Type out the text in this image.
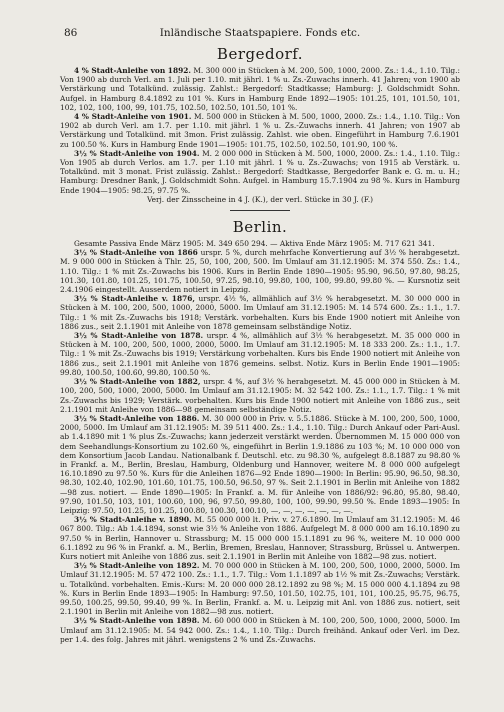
86	Inländische Staatspapiere. Fonds etc.
Bergedorf.

4 % Stadt-Anleihe von 1892. M. 300 000 in Stücken à M. 200, 500, 1000, 2000. Zs.: 1.4., 1.10. Tilg.: Von 1900 ab durch Verl. am 1. Juli per 1.10. mit jährl. 1 % u. Zs.-Zuwachs innerh. 41 Jahren; von 1900 ab Verstärkung und Totalkünd. zulässig. Zahlst.: Bergedorf: Stadtkasse; Hamburg: J. Goldschmidt Sohn. Aufgel. in Hamburg 8.4.1892 zu 101 %. Kurs in Hamburg Ende 1892—1905: 101.25, 101, 101.50, 101, 102, 102, 100, 100, 99, 101.75, 102.50, 102.50, 101.50, 101 %.

4 % Stadt-Anleihe von 1901. M. 500 000 in Stücken à M. 500, 1000, 2000. Zs.: 1.4., 1.10. Tilg.: Von 1902 ab durch Verl. am 1.7. per 1.10. mit jährl. 1 % u. Zs.-Zuwachs innerh. 41 Jahren; von 1907 ab Verstärkung und Totalkünd. mit 3mon. Frist zulässig. Zahlst. wie oben. Eingeführt in Hamburg 7.6.1901 zu 100.50 %. Kurs in Hamburg Ende 1901—1905: 101.75, 102.50, 102.50, 101.90, 100 %.

3½ % Stadt-Anleihe von 1904. M. 2 000 000 in Stücken à M. 500, 1000, 2000. Zs.: 1.4., 1.10. Tilg.: Von 1905 ab durch Verlos. am 1.7. per 1.10 mit jährl. 1 % u. Zs.-Zuwachs; von 1915 ab Verstärk. u. Totalkünd. mit 3 monat. Frist zulässig. Zahlst.: Bergedorf: Stadtkasse, Bergedorfer Bank e. G. m. u. H.; Hamburg: Dresdner Bank, J. Goldschmidt Sohn. Aufgel. in Hamburg 15.7.1904 zu 98 %. Kurs in Hamburg Ende 1904—1905: 98.25, 97.75 %.

Verj. der Zinsscheine in 4 J. (K.), der verl. Stücke in 30 J. (F.)

Berlin.

Gesamte Passiva Ende März 1905: M. 349 650 294. — Aktiva Ende März 1905: M. 717 621 341.

3½ % Stadt-Anleihe von 1866 urspr. 5 %, durch mehrfache Konvertierung auf 3½ % herabgesetzt. M. 9 000 000 in Stücken à Thlr. 25, 50, 100, 200, 500. Im Umlauf am 31.12.1905: M. 374 550. Zs.: 1.4., 1.10. Tilg.: 1 % mit Zs.-Zuwachs bis 1906. Kurs in Berlin Ende 1890—1905: 95.90, 96.50, 97.80, 98.25, 101.30, 101.80, 101.25, 101.75, 100.50, 97.25, 98.10, 99.80, 100, 100, 99.80, 99.80 %. — Kursnotiz seit 2.4.1906 eingestellt. Ausserdem notiert in Leipzig.

3½ % Stadt-Anleihe v. 1876, urspr. 4½ %, allmählich auf 3½ % herabgesetzt. M. 30 000 000 in Stücken à M. 100, 200, 500, 1000, 2000, 5000. Im Umlauf am 31.12.1905: M. 14 574 600. Zs.: 1.1., 1.7. Tilg.: 1 % mit Zs.-Zuwachs bis 1918; Verstärk. vorbehalten. Kurs bis Ende 1900 notiert mit Anleihe von 1886 zus., seit 2.1.1901 mit Anleihe von 1878 gemeinsam selbständige Notiz.

3½ % Stadt-Anleihe von 1878. urspr. 4 %, allmählich auf 3½ % herabgesetzt. M. 35 000 000 in Stücken à M. 100, 200, 500, 1000, 2000, 5000. Im Umlauf am 31.12.1905: M. 18 333 200. Zs.: 1.1., 1.7. Tilg.: 1 % mit Zs.-Zuwachs bis 1919; Verstärkung vorbehalten. Kurs bis Ende 1900 notiert mit Anleihe von 1886 zus., seit 2.1.1901 mit Anleihe von 1876 gemeins. selbst. Notiz. Kurs in Berlin Ende 1901—1905: 99.80, 100.50, 100.60, 99.80, 100.50 %.

3½ % Stadt-Anleihe von 1882, urspr. 4 %, auf 3½ % herabgesetzt. M. 45 000 000 in Stücken à M. 100, 200, 500, 1000, 2000, 5000. Im Umlauf am 31.12.1905: M. 32 542 100. Zs.: 1.1., 1.7. Tilg.: 1 % mit Zs.-Zuwachs bis 1929; Verstärk. vorbehalten. Kurs bis Ende 1900 notiert mit Anleihe von 1886 zus., seit 2.1.1901 mit Anleihe von 1886—98 gemeinsam selbständige Notiz.

3½ % Stadt-Anleihe von 1886. M. 30 000 000 in Priv. v. 5.5.1886. Stücke à M. 100, 200, 500, 1000, 2000, 5000. Im Umlauf am 31.12.1905: M. 39 511 400. Zs.: 1.4., 1.10. Tilg.: Durch Ankauf oder Pari-Ausl. ab 1.4.1890 mit 1 % plus Zs.-Zuwachs; kann jederzeit verstärkt werden. Übernommen M. 15 000 000 von dem Seehandlungs-Konsortium zu 102.60 %, eingeführt in Berlin 1.9.1886 zu 103 %; M. 10 000 000 von dem Konsortium Jacob Landau. Nationalbank f. Deutschl. etc. zu 98.30 %, aufgelegt 8.8.1887 zu 98.80 % in Frankf. a. M., Berlin, Breslau, Hamburg, Oldenburg und Hannover, weitere M. 8 000 000 aufgelegt 16.10.1890 zu 97.50 %. Kurs für die Anleihen 1876—92 Ende 1890—1900: In Berlin: 95.90, 96.50, 98.30, 98.30, 102.40, 102.90, 101.60, 101.75, 100.50, 96.50, 97 %. Seit 2.1.1901 in Berlin mit Anleihe von 1882—98 zus. notiert. — Ende 1890—1905: In Frankf. a. M. für Anleihe von 1886/92: 96.80, 95.80, 98.40, 97.90, 101.50, 103, 101, 100.60, 100, 96, 97.50, 99.80, 100, 100, 99.90, 99.50 %. Ende 1893—1905: In Leipzig: 97.50, 101.25, 101.25, 100.80, 100.30, 100.10, —, —, —, —, —, —, —.

3½ % Stadt-Anleihe v. 1890. M. 55 000 000 lt. Priv. v. 27.6.1890. Im Umlauf am 31.12.1905: M. 46 067 800. Tilg.: Ab 1.4.1894, sonst wie 3½ % Anleihe von 1886. Aufgelegt M. 8 000 000 am 16.10.1890 zu 97.50 % in Berlin, Hannover u. Strassburg; M. 15 000 000 15.1.1891 zu 96 %, weitere M. 10 000 000 6.1.1892 zu 96 % in Frankf. a. M., Berlin, Bremen, Breslau, Hannover, Strassburg, Brüssel u. Antwerpen. Kurs notiert mit Anleihe von 1886 zus. seit 2.1.1901 in Berlin mit Anleihe von 1882—98 zus. notiert.

3½ % Stadt-Anleihe von 1892. M. 70 000 000 in Stücken à M. 100, 200, 500, 1000, 2000, 5000. Im Umlauf 31.12.1905: M. 57 472 100. Zs.: 1.1., 1.7. Tilg.: Vom 1.1.1897 ab 1½ % mit Zs.-Zuwachs; Verstärk. u. Totalkünd. vorbehalten. Emis.-Kurs: M. 20 000 000 28.12.1892 zu 98 %; M. 15 000 000 4.1.1894 zu 98 %. Kurs in Berlin Ende 1893—1905: In Hamburg: 97.50, 101.50, 102.75, 101, 101, 100.25, 95.75, 96.75, 99.50, 100.25, 99.50, 99.40, 99 %. In Berlin, Frankf. a. M. u. Leipzig mit Anl. von 1886 zus. notiert, seit 2.1.1901 in Berlin mit Anleihe von 1882—98 zus. notiert.

3½ % Stadt-Anleihe von 1898. M. 60 000 000 in Stücken à M. 100, 200, 500, 1000, 2000, 5000. Im Umlauf am 31.12.1905: M. 54 942 000. Zs.: 1.4., 1.10. Tilg.: Durch freihänd. Ankauf oder Verl. im Dez. per 1.4. des folg. Jahres mit jährl. wenigstens 2 % und Zs.-Zuwachs.
